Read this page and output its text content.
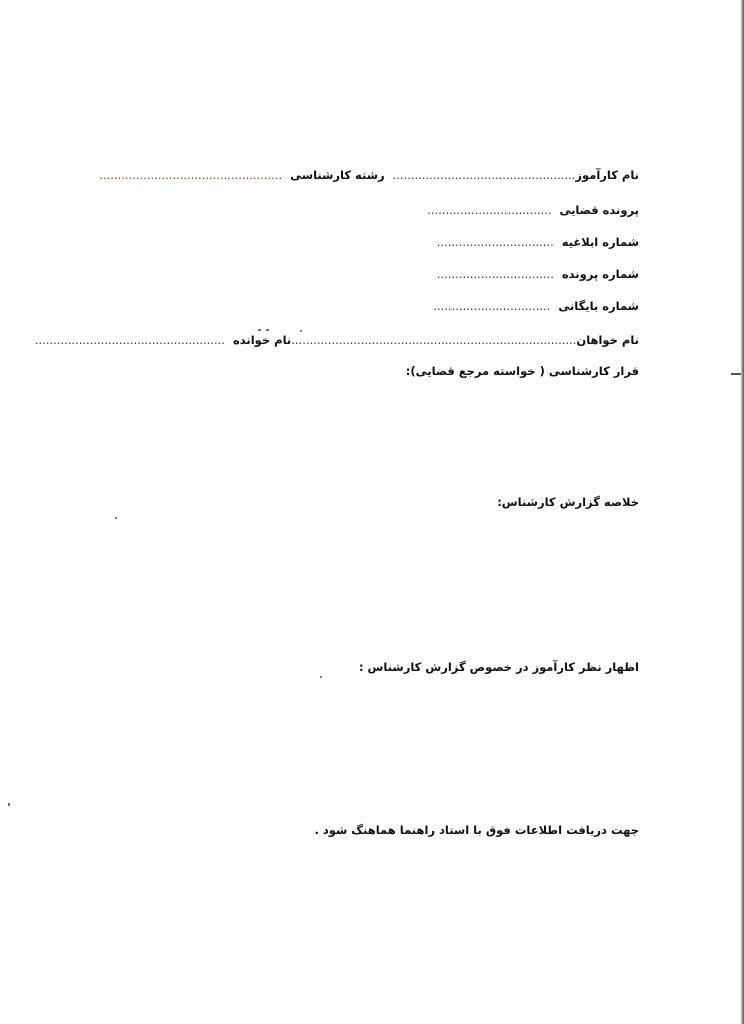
نام کارآموز..................................................رشته کارشناسی..................................................
پرونده قضایی..................................
شماره ابلاغیه................................
شماره پرونده................................
شماره بایگانی................................
نام خواهان..............................................................................نام خوانده....................................................
قرار کارشناسی ( خواسته مرجع قضایی):
خلاصه گزارش کارشناس:
اظهار نظر کارآموز در خصوص گزارش کارشناس :
جهت دریافت اطلاعات فوق با استاد راهنما هماهنگ شود .
